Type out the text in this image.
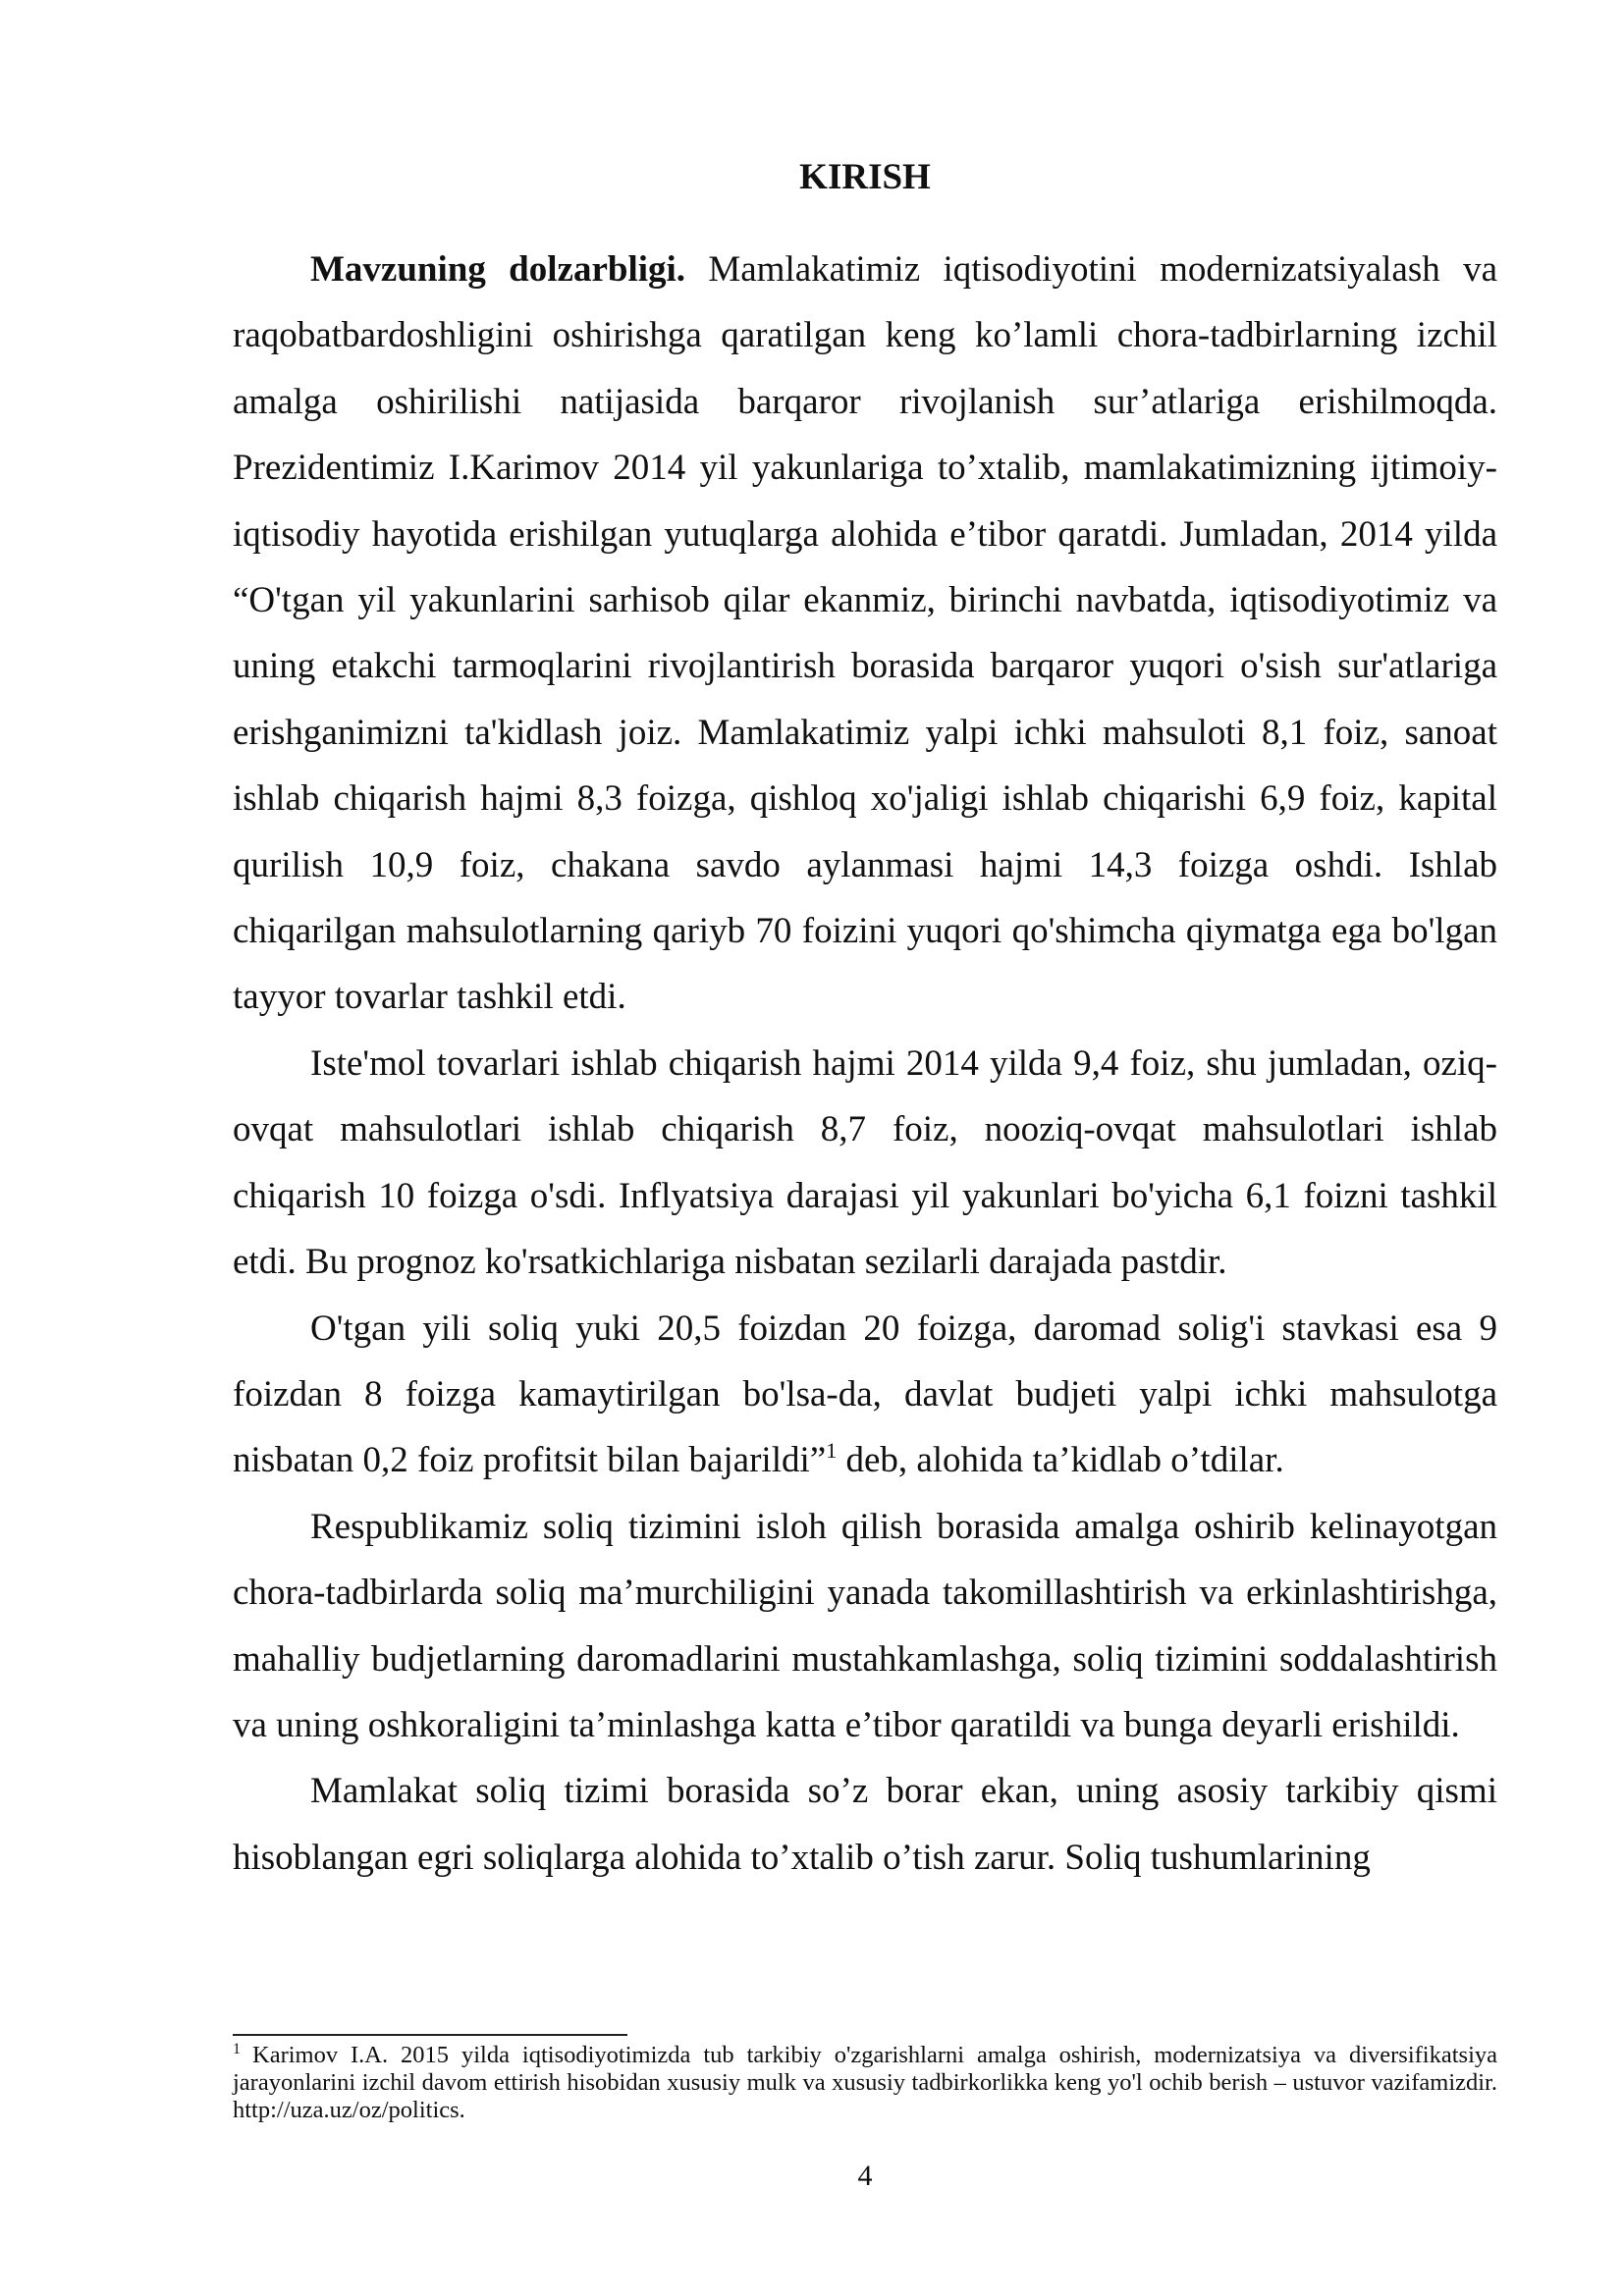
KIRISH

Mavzuning dolzarbligi. Mamlakatimiz iqtisodiyotini modernizatsiyalash va raqobatbardoshligini oshirishga qaratilgan keng ko’lamli chora-tadbirlarning izchil amalga oshirilishi natijasida barqaror rivojlanish sur’atlariga erishilmoqda. Prezidentimiz I.Karimov 2014 yil yakunlariga to’xtalib, mamlakatimizning ijtimoiy- iqtisodiy hayotida erishilgan yutuqlarga alohida e’tibor qaratdi. Jumladan, 2014 yilda “O'tgan yil yakunlarini sarhisob qilar ekanmiz, birinchi navbatda, iqtisodiyotimiz va uning etakchi tarmoqlarini rivojlantirish borasida barqaror yuqori o'sish sur'atlariga erishganimizni ta'kidlash joiz. Mamlakatimiz yalpi ichki mahsuloti 8,1 foiz, sanoat ishlab chiqarish hajmi 8,3 foizga, qishloq xo'jaligi ishlab chiqarishi 6,9 foiz, kapital qurilish 10,9 foiz, chakana savdo aylanmasi hajmi 14,3 foizga oshdi. Ishlab chiqarilgan mahsulotlarning qariyb 70 foizini yuqori qo'shimcha qiymatga ega bo'lgan tayyor tovarlar tashkil etdi.

Iste'mol tovarlari ishlab chiqarish hajmi 2014 yilda 9,4 foiz, shu jumladan, oziq-ovqat mahsulotlari ishlab chiqarish 8,7 foiz, nooziq-ovqat mahsulotlari ishlab chiqarish 10 foizga o'sdi. Inflyatsiya darajasi yil yakunlari bo'yicha 6,1 foizni tashkil etdi. Bu prognoz ko'rsatkichlariga nisbatan sezilarli darajada pastdir.

O'tgan yili soliq yuki 20,5 foizdan 20 foizga, daromad solig'i stavkasi esa 9 foizdan 8 foizga kamaytirilgan bo'lsa-da, davlat budjeti yalpi ichki mahsulotga nisbatan 0,2 foiz profitsit bilan bajarildi”$^1$ deb, alohida ta’kidlab o’tdilar.

Respublikamiz soliq tizimini isloh qilish borasida amalga oshirib kelinayotgan chora-tadbirlarda soliq ma’murchiligini yanada takomillashtirish va erkinlashtirishga, mahalliy budjetlarning daromadlarini mustahkamlashga, soliq tizimini soddalashtirish va uning oshkoraligini ta’minlashga katta e’tibor qaratildi va bunga deyarli erishildi.

Mamlakat soliq tizimi borasida so’z borar ekan, uning asosiy tarkibiy qismi hisoblangan egri soliqlarga alohida to’xtalib o’tish zarur. Soliq tushumlarining

$^1$ Karimov I.A. 2015 yilda iqtisodiyotimizda tub tarkibiy o'zgarishlarni amalga oshirish, modernizatsiya va diversifikatsiya jarayonlarini izchil davom ettirish hisobidan xususiy mulk va xususiy tadbirkorlikka keng yo'l ochib berish – ustuvor vazifamizdir. http://uza.uz/oz/politics.

4
